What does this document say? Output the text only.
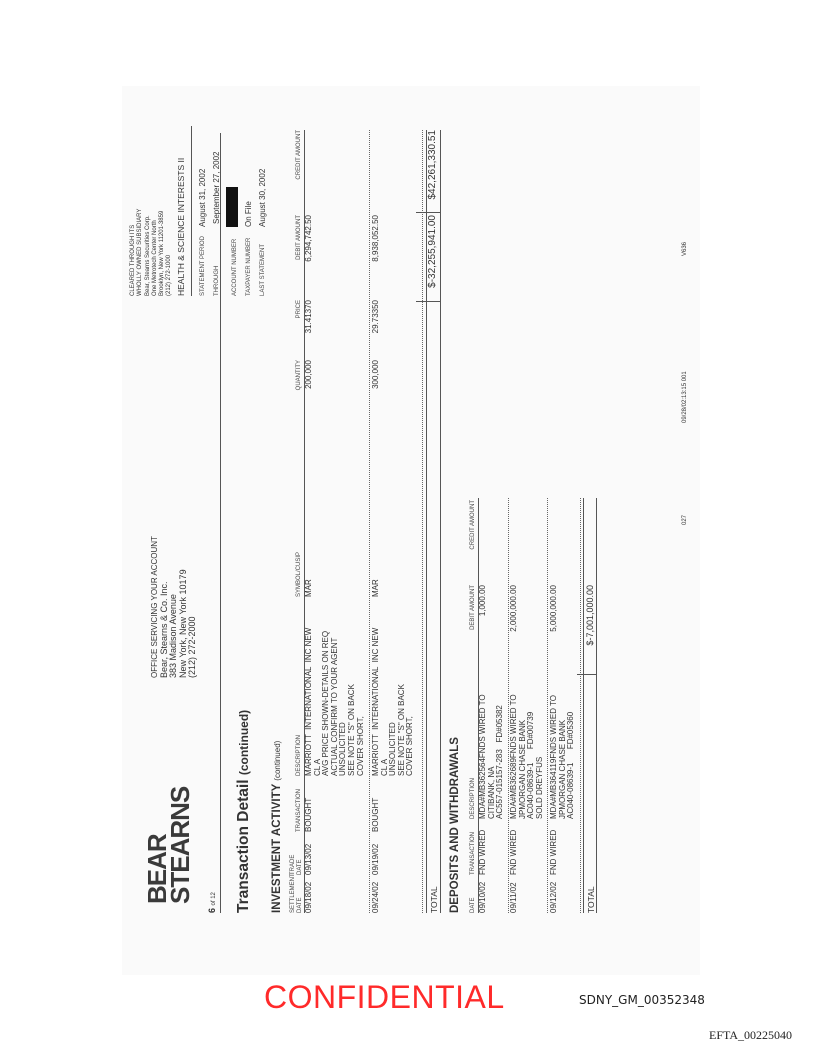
BEAR
STEARNS
6 of 12
OFFICE SERVICING YOUR ACCOUNT Bear, Stearns & Co. Inc. 383 Madison Avenue New York, New York 10179 (212) 272-2000
CLEARED THROUGH ITS WHOLLY OWNED SUBSIDIARY Bear, Stearns Securities Corp. One Metrotech Center North Brooklyn, New York 11201-3859 (212) 272-1000 HEALTH & SCIENCE INTERESTS II STATEMENT PERIOD
August 31, 2002
THROUGH
September 27, 2002
ACCOUNT NUMBER TAXPAYER NUMBER
On File
LAST STATEMENT
August 30, 2002
Transaction Detail (continued)
INVESTMENT ACTIVITY (continued)
SETTLEMENT DATE
TRADE DATE
TRANSACTION
DESCRIPTION
SYMBOL/CUSIP
QUANTITY
PRICE
DEBIT AMOUNT
CREDIT AMOUNT
09/18/02
09/13/02
BOUGHT
MARRIOTT  INTERNATIONAL  INC NEW
CL A
AVG PRICE SHOWN-DETAILS ON REQ
ACTUAL CONFIRM TO YOUR AGENT
UNSOLICITED
SEE NOTE "S" ON BACK
COVER SHORT,
MAR
200,000
31.41370
6,294,742.50
09/24/02
09/19/02
BOUGHT
MARRIOTT  INTERNATIONAL  INC NEW
CL A
UNSOLICITED
SEE NOTE "S" ON BACK
COVER SHORT,
MAR
300,000
29.73350
8,938,052.50
TOTAL
$-32,255,941.00
$42,261,330.51
DEPOSITS AND WITHDRAWALS DATE
TRANSACTION
DESCRIPTION
DEBIT AMOUNT
CREDIT AMOUNT
09/10/02
FND WIRED
MDA#MB362564FNDS WIRED TO
CITIBANK, NA
AC557-015157-283   FD#05382
1,000.00
09/11/02
FND WIRED
MDA#MB362689FNDS WIRED TO
JPMORGAN CHASE BANK
AC040-08639-1      FD#00739
SOLD DREYFUS
2,000,000.00
09/12/02
FND WIRED
MDA#MB364119FNDS WIRED TO
JPMORGAN CHASE BANK
AC040-08639-1      FD#05360
5,000,000.00
TOTAL
$-7,001,000.00
027
09/28/02:13:15 001
V636
CONFIDENTIAL	SDNY_GM_00352348
EFTA_00225040
